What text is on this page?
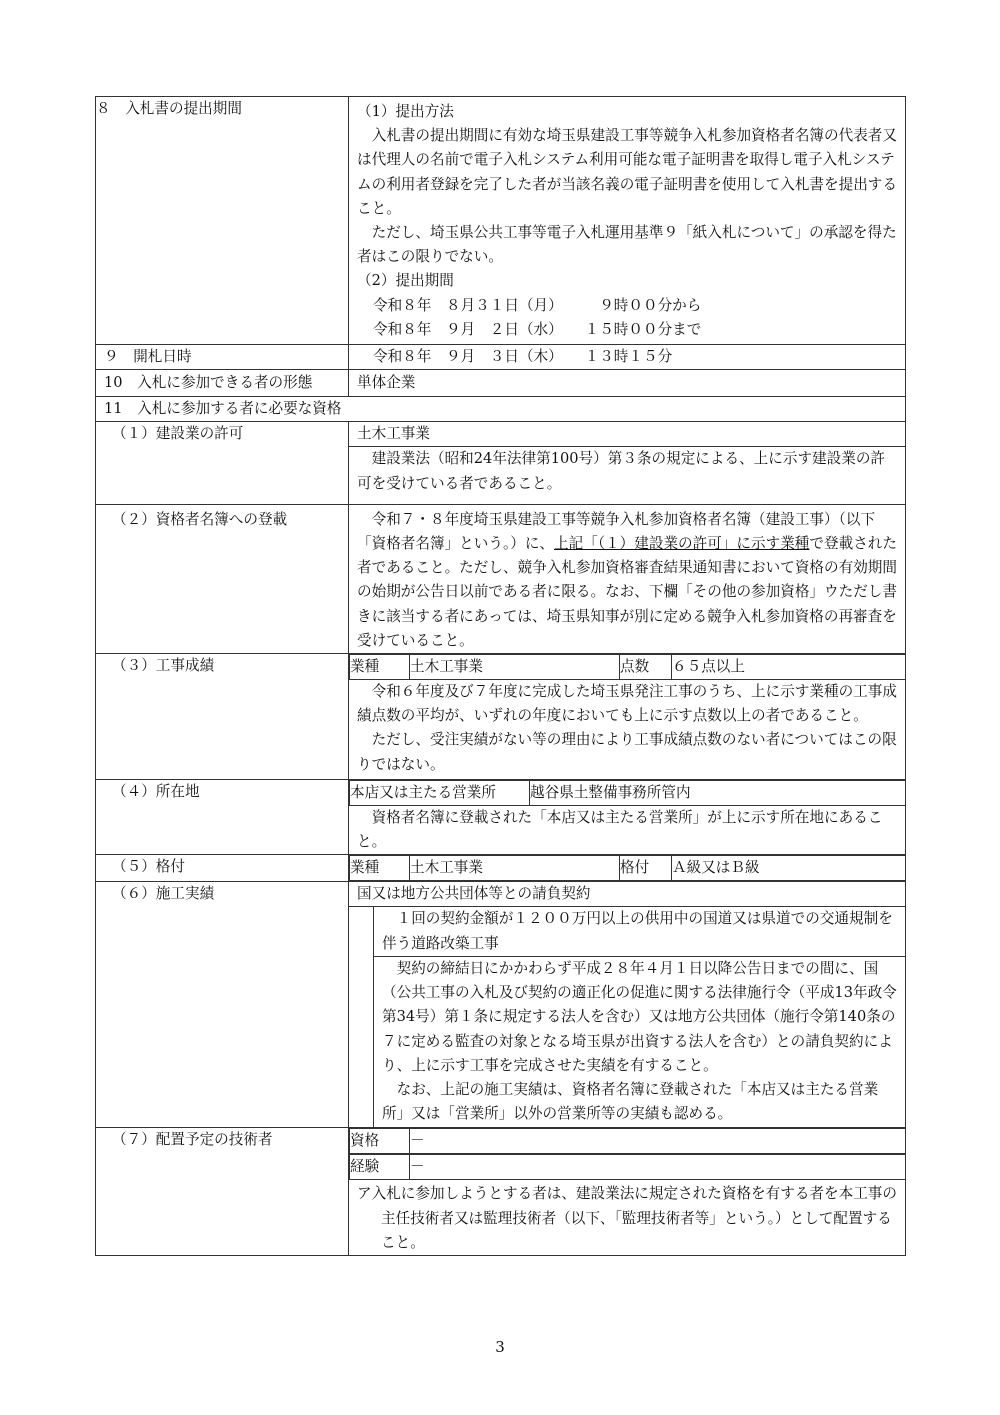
８　入札書の提出期間	（1）提出方法
入札書の提出期間に有効な埼玉県建設工事等競争入札参加資格者名簿の代表者又は代理人の名前で電子入札システム利用可能な電子証明書を取得し電子入札システムの利用者登録を完了した者が当該名義の電子証明書を使用して入札書を提出すること。
ただし、埼玉県公共工事等電子入札運用基準９「紙入札について」の承認を得た者はこの限りでない。
（2）提出期間
令和８年　８月３１日（月）　　　９時００分から
令和８年　９月　２日（水）　　１５時００分まで

９　開札日時	令和８年　９月　３日（木）　　１３時１５分

10　入札に参加できる者の形態	単体企業

11　入札に参加する者に必要な資格
（１）建設業の許可	土木工事業
建設業法（昭和24年法律第100号）第３条の規定による、上に示す建設業の許可を受けている者であること。

（２）資格者名簿への登載	令和７・８年度埼玉県建設工事等競争入札参加資格者名簿（建設工事）（以下「資格者名簿」という。）に、上記「（１）建設業の許可」に示す業種で登載された者であること。ただし、競争入札参加資格審査結果通知書において資格の有効期間の始期が公告日以前である者に限る。なお、下欄「その他の参加資格」ウただし書きに該当する者にあっては、埼玉県知事が別に定める競争入札参加資格の再審査を受けていること。

（３）工事成績		業種	土木工事業	点数	６５点以上
令和６年度及び７年度に完成した埼玉県発注工事のうち、上に示す業種の工事成績点数の平均が、いずれの年度においても上に示す点数以上の者であること。
ただし、受注実績がない等の理由により工事成績点数のない者についてはこの限りではない。

（４）所在地		本店又は主たる営業所	越谷県土整備事務所管内
資格者名簿に登載された「本店又は主たる営業所」が上に示す所在地にあること。

（５）格付		業種	土木工事業	格付	Ａ級又はＢ級

（６）施工実績	国又は地方公共団体等との請負契約
１回の契約金額が１２００万円以上の供用中の国道又は県道での交通規制を伴う道路改築工事
契約の締結日にかかわらず平成２８年４月１日以降公告日までの間に、国（公共工事の入札及び契約の適正化の促進に関する法律施行令（平成13年政令第34号）第１条に規定する法人を含む）又は地方公共団体（施行令第140条の７に定める監査の対象となる埼玉県が出資する法人を含む）との請負契約により、上に示す工事を完成させた実績を有すること。
なお、上記の施工実績は、資格者名簿に登載された「本店又は主たる営業所」又は「営業所」以外の営業所等の実績も認める。

（７）配置予定の技術者		資格	－
経験	－
ア入札に参加しようとする者は、建設業法に規定された資格を有する者を本工事の主任技術者又は監理技術者（以下、「監理技術者等」という。）として配置すること。
3
